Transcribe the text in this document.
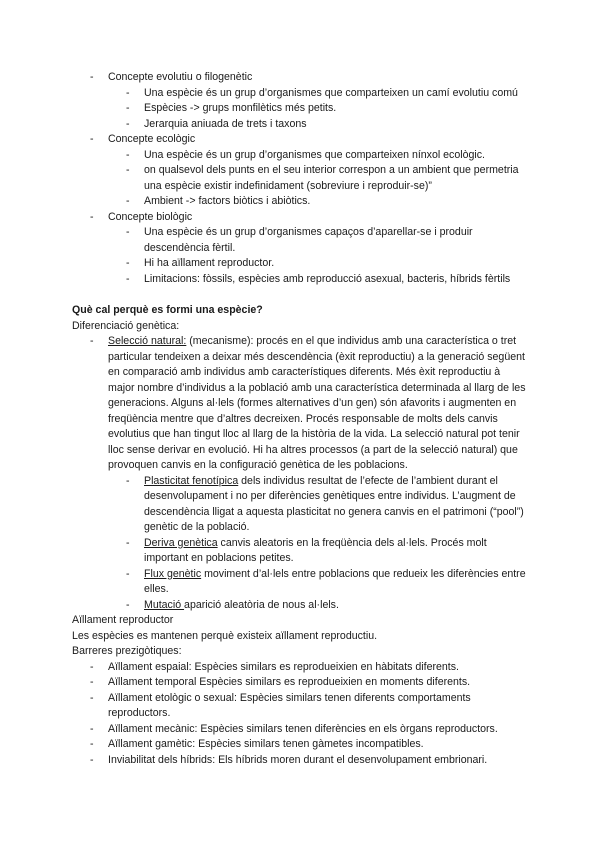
- Concepte evolutiu o filogenètic
- Una espècie és un grup d’organismes que comparteixen un camí evolutiu comú
- Espècies -> grups monfilètics més petits.
- Jerarquia aniuada de trets i taxons
- Concepte ecològic
- Una espècie és un grup d’organismes que comparteixen nínxol ecològic.
- on qualsevol dels punts en el seu interior correspon a un ambient que permetria una espècie existir indefinidament (sobreviure i reproduir-se)”
- Ambient -> factors biòtics i abiòtics.
- Concepte biològic
- Una espècie és un grup d’organismes capaços d’aparellar-se i produir descendència fèrtil.
- Hi ha aïllament reproductor.
- Limitacions: fòssils, espècies amb reproducció asexual, bacteris, híbrids fèrtils
Què cal perquè es formi una espècie?
Diferenciació genètica:
- Selecció natural: (mecanisme): procés en el que individus amb una característica o tret particular tendeixen a deixar més descendència (èxit reproductiu) a la generació següent en comparació amb individus amb característiques diferents. Més èxit reproductiu à major nombre d’individus a la població amb una característica determinada al llarg de les generacions. Alguns al·lels (formes alternatives d’un gen) són afavorits i augmenten en freqüència mentre que d’altres decreixen. Procés responsable de molts dels canvis evolutius que han tingut lloc al llarg de la història de la vida. La selecció natural pot tenir lloc sense derivar en evolució. Hi ha altres processos (a part de la selecció natural) que provoquen canvis en la configuració genètica de les poblacions.
- Plasticitat fenotípica dels individus resultat de l’efecte de l’ambient durant el desenvolupament i no per diferències genètiques entre individus. L’augment de descendència lligat a aquesta plasticitat no genera canvis en el patrimoni (“pool”) genètic de la població.
- Deriva genètica canvis aleatoris en la freqüència dels al·lels. Procés molt important en poblacions petites.
- Flux genètic moviment d’al·lels entre poblacions que redueix les diferències entre elles.
- Mutació aparició aleatòria de nous al·lels.
Aïllament reproductor
Les espècies es mantenen perquè existeix aïllament reproductiu.
Barreres prezigòtiques:
- Aïllament espaial: Espècies similars es reprodueixien en hàbitats diferents.
- Aïllament temporal Espècies similars es reprodueixien en moments diferents.
- Aïllament etològic o sexual: Espècies similars tenen diferents comportaments reproductors.
- Aïllament mecànic: Espècies similars tenen diferències en els òrgans reproductors.
- Aïllament gamètic: Espècies similars tenen gàmetes incompatibles.
- Inviabilitat dels híbrids: Els híbrids moren durant el desenvolupament embrionari.
